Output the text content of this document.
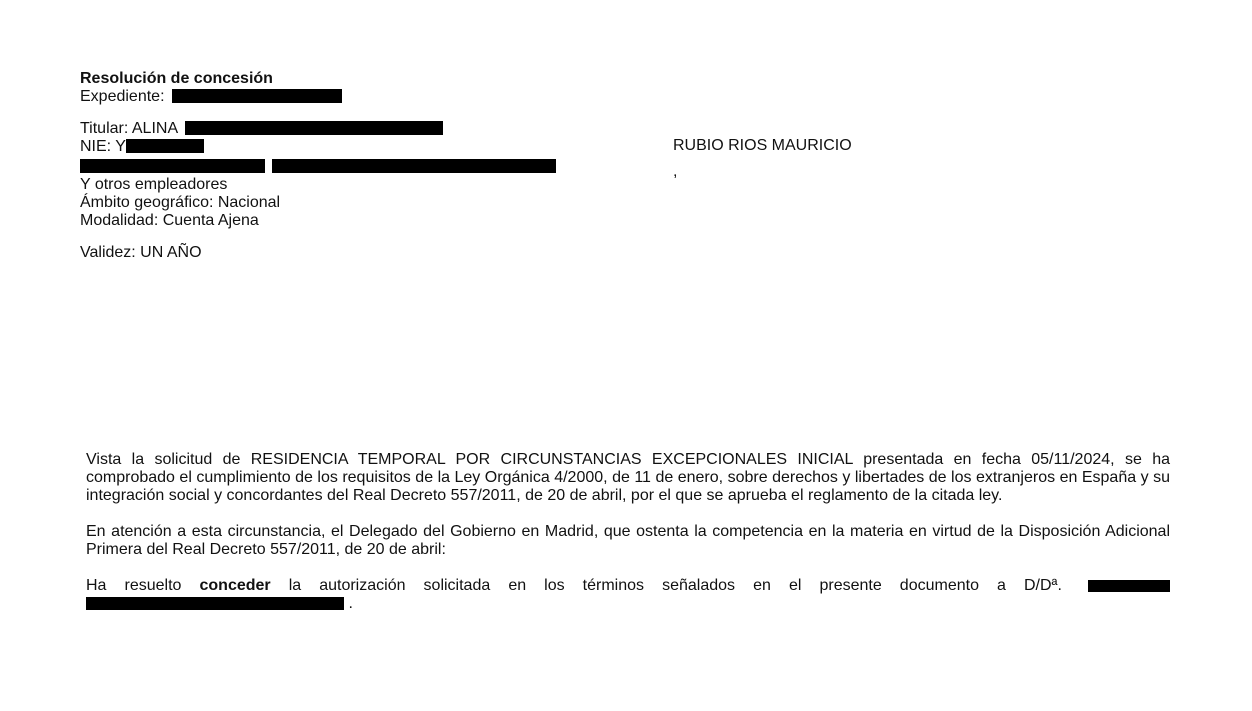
Resolución de concesión
Expediente:
Titular: ALINA
NIE: Y

Y otros empleadores
Ámbito geográfico: Nacional
Modalidad: Cuenta Ajena
Validez: UN AÑO
RUBIO RIOS MAURICIO
,

Vista la solicitud de RESIDENCIA TEMPORAL POR CIRCUNSTANCIAS EXCEPCIONALES INICIAL presentada en fecha 05/11/2024, se ha comprobado el cumplimiento de los requisitos de la Ley Orgánica 4/2000, de 11 de enero, sobre derechos y libertades de los extranjeros en España y su integración social y concordantes del Real Decreto 557/2011, de 20 de abril, por el que se aprueba el reglamento de la citada ley.

En atención a esta circunstancia, el Delegado del Gobierno en Madrid, que ostenta la competencia en la materia en virtud de la Disposición Adicional Primera del Real Decreto 557/2011, de 20 de abril:

Ha resuelto conceder la autorización solicitada en los términos señalados en el presente documento a D/Dª.
.
